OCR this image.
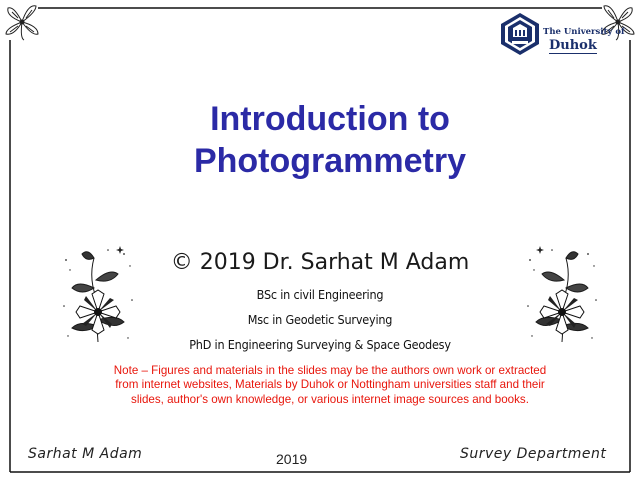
The University of
Duhok
Introduction to
Photogrammetry
© 2019 Dr. Sarhat M Adam
BSc in civil Engineering
Msc in Geodetic Surveying
PhD in Engineering Surveying & Space Geodesy
Note – Figures and materials in the slides may be the authors own work or extracted from internet websites, Materials by Duhok or Nottingham universities staff and their slides, author's own knowledge, or various internet image sources and books.
Sarhat M Adam	2019	Survey Department
